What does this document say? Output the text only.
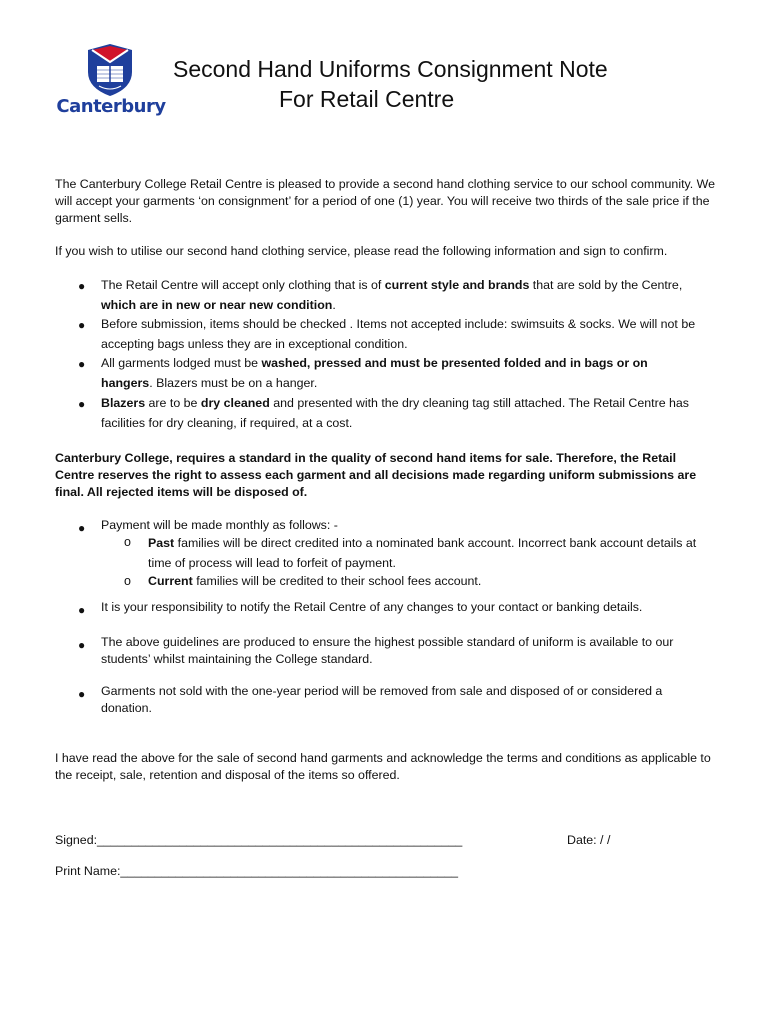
Canterbury
Second Hand Uniforms Consignment Note
For Retail Centre
The Canterbury College Retail Centre is pleased to provide a second hand clothing service to our school community. We will accept your garments ‘on consignment’ for a period of one (1) year. You will receive two thirds of the sale price if the garment sells.
If you wish to utilise our second hand clothing service, please read the following information and sign to confirm.
● The Retail Centre will accept only clothing that is of current style and brands that are sold by the Centre, which are in new or near new condition.
● Before submission, items should be checked . Items not accepted include: swimsuits & socks. We will not be accepting bags unless they are in exceptional condition.
● All garments lodged must be washed, pressed and must be presented folded and in bags or on hangers. Blazers must be on a hanger.
● Blazers are to be dry cleaned and presented with the dry cleaning tag still attached. The Retail Centre has facilities for dry cleaning, if required, at a cost.
Canterbury College, requires a standard in the quality of second hand items for sale. Therefore, the Retail Centre reserves the right to assess each garment and all decisions made regarding uniform submissions are final. All rejected items will be disposed of.
● Payment will be made monthly as follows: -
o Past families will be direct credited into a nominated bank account. Incorrect bank account details at time of process will lead to forfeit of payment.
o Current families will be credited to their school fees account.
● It is your responsibility to notify the Retail Centre of any changes to your contact or banking details.
● The above guidelines are produced to ensure the highest possible standard of uniform is available to our students’ whilst maintaining the College standard.
● Garments not sold with the one-year period will be removed from sale and disposed of or considered a donation.
I have read the above for the sale of second hand garments and acknowledge the terms and conditions as applicable to the receipt, sale, retention and disposal of the items so offered.
Signed:_____________________________________________________	Date: / /
Print Name:_________________________________________________
